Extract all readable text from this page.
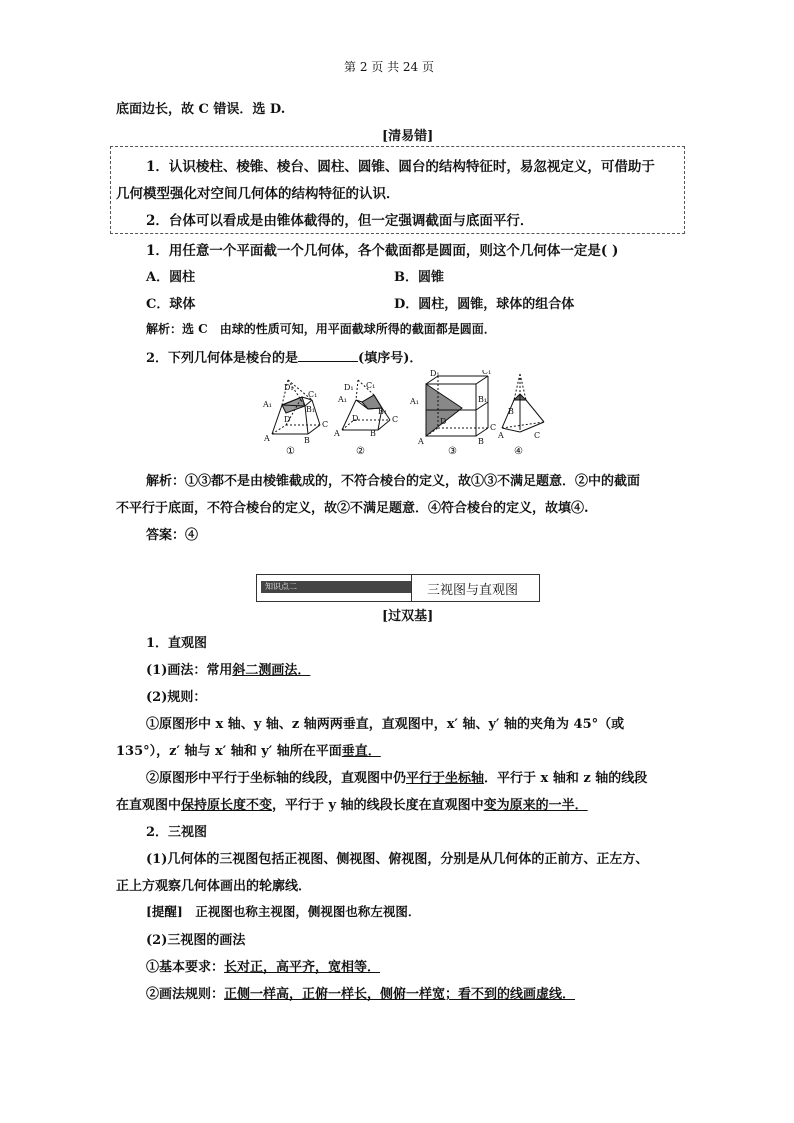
第 2 页 共 24 页
底面边长，故 C 错误．选 D.
[清易错]
1．认识棱柱、棱锥、棱台、圆柱、圆锥、圆台的结构特征时，易忽视定义，可借助于
几何模型强化对空间几何体的结构特征的认识．
2．台体可以看成是由锥体截得的，但一定强调截面与底面平行．
1．用任意一个平面截一个几何体，各个截面都是圆面，则这个几何体一定是( )
A．圆柱	B．圆锥
C．球体	D．圆柱，圆锥，球体的组合体
解析：选 C　由球的性质可知，用平面截球所得的截面都是圆面．
2．下列几何体是棱台的是	(填序号)．
D₁
C₁
A₁
B₁
D
C
A	B
①
D₁ C₁
A₁
B₁
D	C
A	B
②
D₁	C₁
A₁	B₁
D
C
A	B
③
B
A	C
④
解析：①③都不是由棱锥截成的，不符合棱台的定义，故①③不满足题意．②中的截面
不平行于底面，不符合棱台的定义，故②不满足题意．④符合棱台的定义，故填④.
答案：④
知识点二	三视图与直观图
[过双基]
1．直观图
(1)画法：常用斜二测画法．
(2)规则：
①原图形中 x 轴、y 轴、z 轴两两垂直，直观图中，x′ 轴、y′ 轴的夹角为 45°（或
135°），z′ 轴与 x′ 轴和 y′ 轴所在平面垂直．
②原图形中平行于坐标轴的线段，直观图中仍平行于坐标轴．平行于 x 轴和 z 轴的线段
在直观图中保持原长度不变，平行于 y 轴的线段长度在直观图中变为原来的一半．
2．三视图
(1)几何体的三视图包括正视图、侧视图、俯视图，分别是从几何体的正前方、正左方、
正上方观察几何体画出的轮廓线．
[提醒]　正视图也称主视图，侧视图也称左视图．
(2)三视图的画法
①基本要求：长对正，高平齐，宽相等．
②画法规则：正侧一样高，正俯一样长，侧俯一样宽；看不到的线画虚线．
